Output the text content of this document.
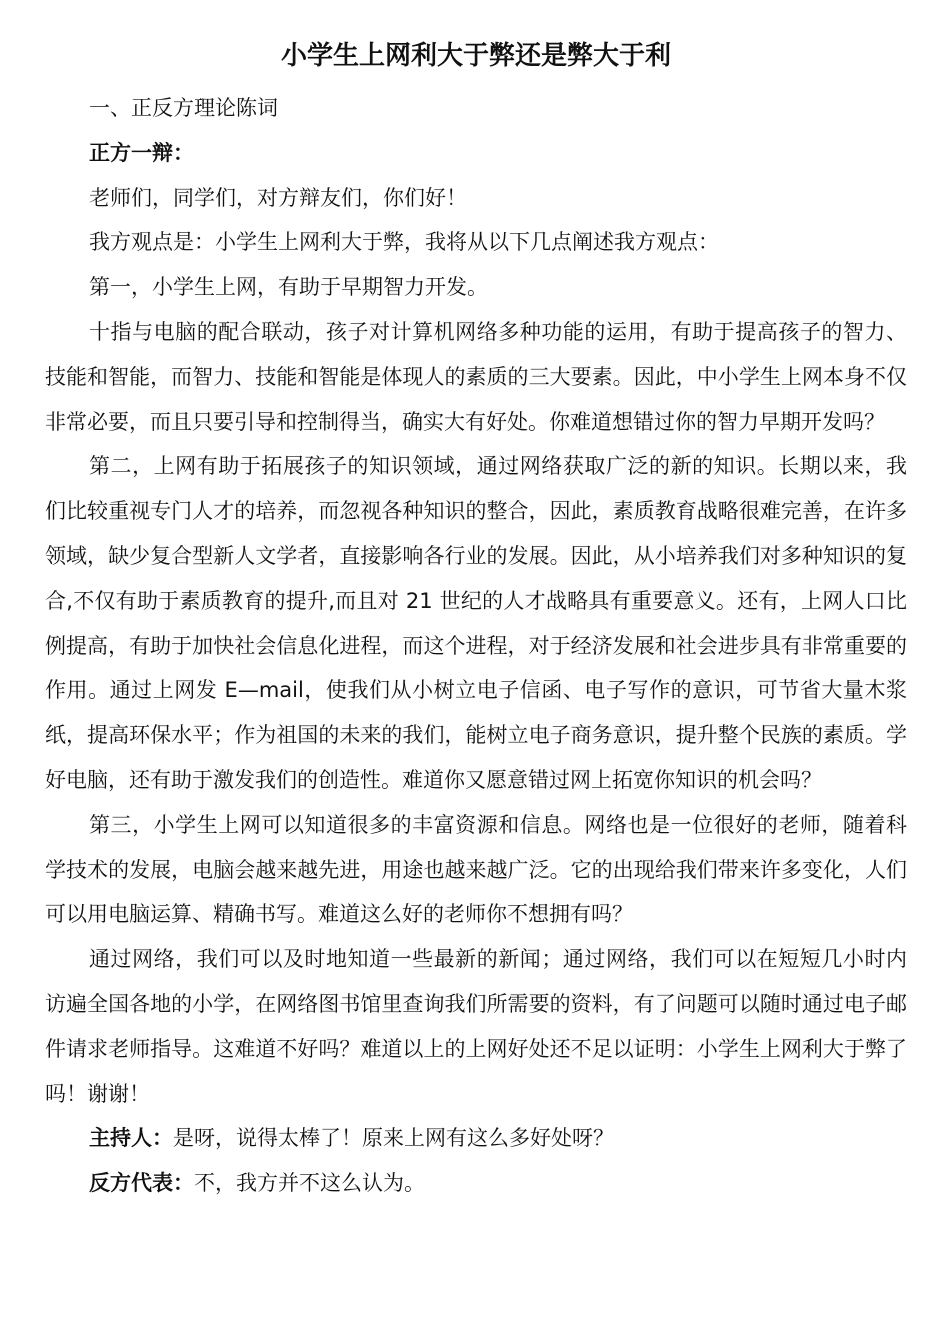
小学生上网利大于弊还是弊大于利

一、正反方理论陈词

正方一辩：

老师们，同学们，对方辩友们，你们好！

我方观点是：小学生上网利大于弊，我将从以下几点阐述我方观点：

第一，小学生上网，有助于早期智力开发。

十指与电脑的配合联动，孩子对计算机网络多种功能的运用，有助于提高孩子的智力、技能和智能，而智力、技能和智能是体现人的素质的三大要素。因此，中小学生上网本身不仅非常必要，而且只要引导和控制得当，确实大有好处。你难道想错过你的智力早期开发吗？

第二，上网有助于拓展孩子的知识领域，通过网络获取广泛的新的知识。长期以来，我们比较重视专门人才的培养，而忽视各种知识的整合，因此，素质教育战略很难完善，在许多领域，缺少复合型新人文学者，直接影响各行业的发展。因此，从小培养我们对多种知识的复合,不仅有助于素质教育的提升,而且对 21 世纪的人才战略具有重要意义。还有，上网人口比例提高，有助于加快社会信息化进程，而这个进程，对于经济发展和社会进步具有非常重要的作用。通过上网发 E—mail，使我们从小树立电子信函、电子写作的意识，可节省大量木浆纸，提高环保水平；作为祖国的未来的我们，能树立电子商务意识，提升整个民族的素质。学好电脑，还有助于激发我们的创造性。难道你又愿意错过网上拓宽你知识的机会吗？

第三，小学生上网可以知道很多的丰富资源和信息。网络也是一位很好的老师，随着科学技术的发展，电脑会越来越先进，用途也越来越广泛。它的出现给我们带来许多变化，人们可以用电脑运算、精确书写。难道这么好的老师你不想拥有吗？

通过网络，我们可以及时地知道一些最新的新闻；通过网络，我们可以在短短几小时内访遍全国各地的小学，在网络图书馆里查询我们所需要的资料，有了问题可以随时通过电子邮件请求老师指导。这难道不好吗？难道以上的上网好处还不足以证明：小学生上网利大于弊了吗！谢谢！

主持人：是呀，说得太棒了！原来上网有这么多好处呀？

反方代表：不，我方并不这么认为。
